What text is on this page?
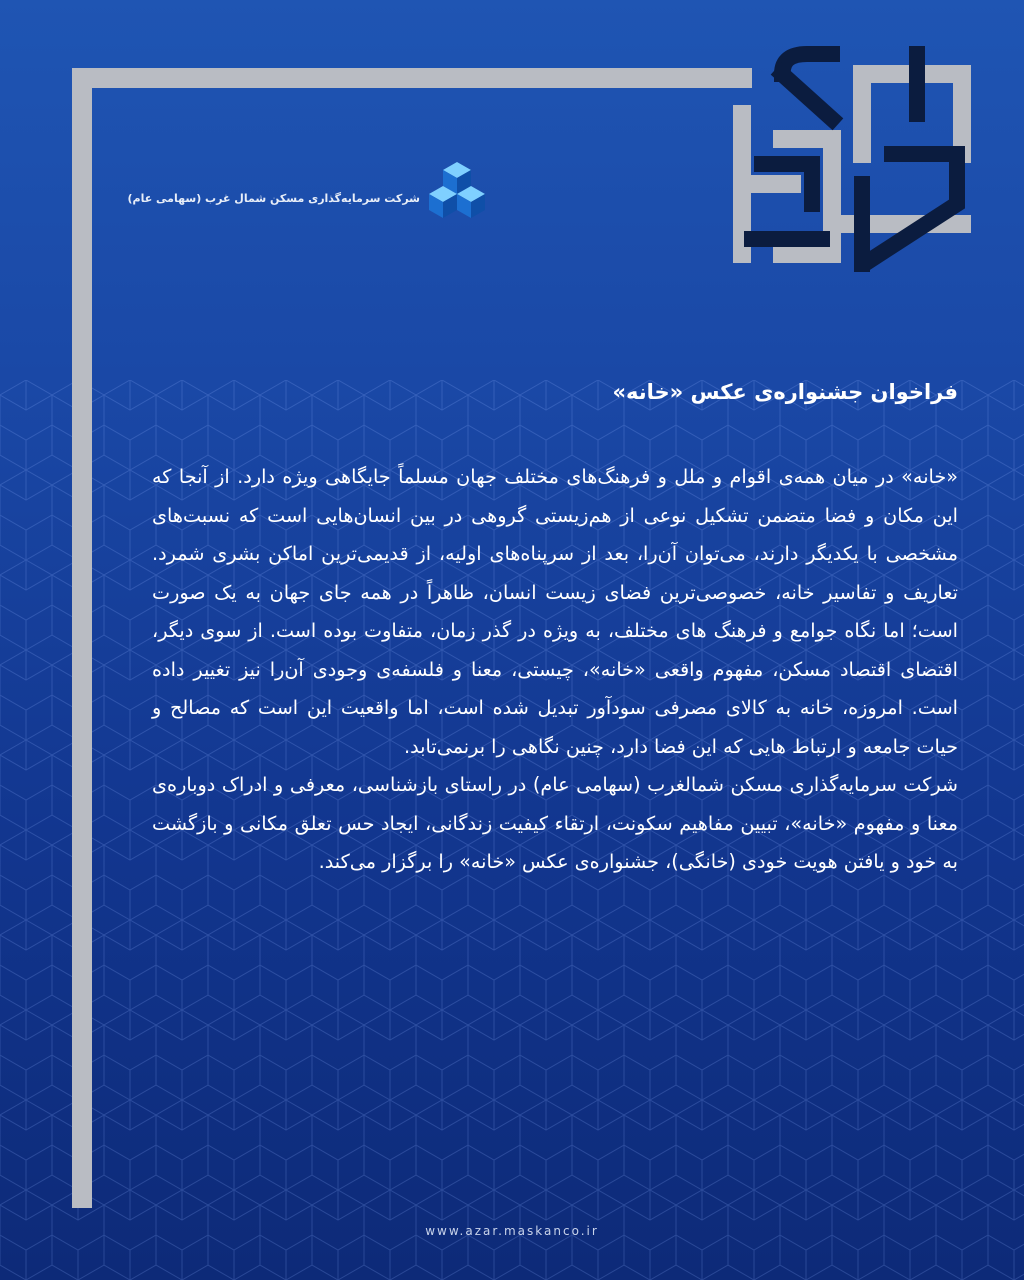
شرکت سرمایه‌گذاری مسکن شمال غرب (سهامی عام)
فراخوان جشنواره‌ی عکس «خانه»

«خانه» در میان همه‌ی اقوام و ملل و فرهنگ‌های مختلف جهان مسلماً جایگاهی ویژه دارد. از آنجا که این مکان و فضا متضمن تشکیل نوعی از هم‌زیستی گروهی در بین انسان‌هایی است که نسبت‌های مشخصی با یکدیگر دارند، می‌توان آن‌را، بعد از سرپناه‌های اولیه، از قدیمی‌ترین اماکن بشری شمرد. تعاریف و تفاسیر خانه، خصوصی‌ترین فضای زیست انسان، ظاهراً در همه جای جهان به یک صورت است؛ اما نگاه جوامع و فرهنگ های مختلف، به ویژه در گذر زمان، متفاوت بوده است. از سوی دیگر، اقتضای اقتصاد مسکن، مفهوم واقعی «خانه»، چیستی، معنا و فلسفه‌ی وجودی آن‌را نیز تغییر داده است. امروزه، خانه به کالای مصرفی سودآور تبدیل شده است، اما واقعیت این است که مصالح و حیات جامعه و ارتباط هایی که این فضا دارد، چنین نگاهی را برنمی‌تابد.

شرکت سرمایه‌گذاری مسکن شمالغرب (سهامی عام) در راستای بازشناسی، معرفی و ادراک دوباره‌ی معنا و مفهوم «خانه»، تبیین مفاهیم سکونت، ارتقاء کیفیت زندگانی، ایجاد حس تعلق مکانی و بازگشت به خود و یافتن هویت خودی (خانگی)، جشنواره‌ی عکس «خانه» را برگزار می‌کند.

www.azar.maskanco.ir
